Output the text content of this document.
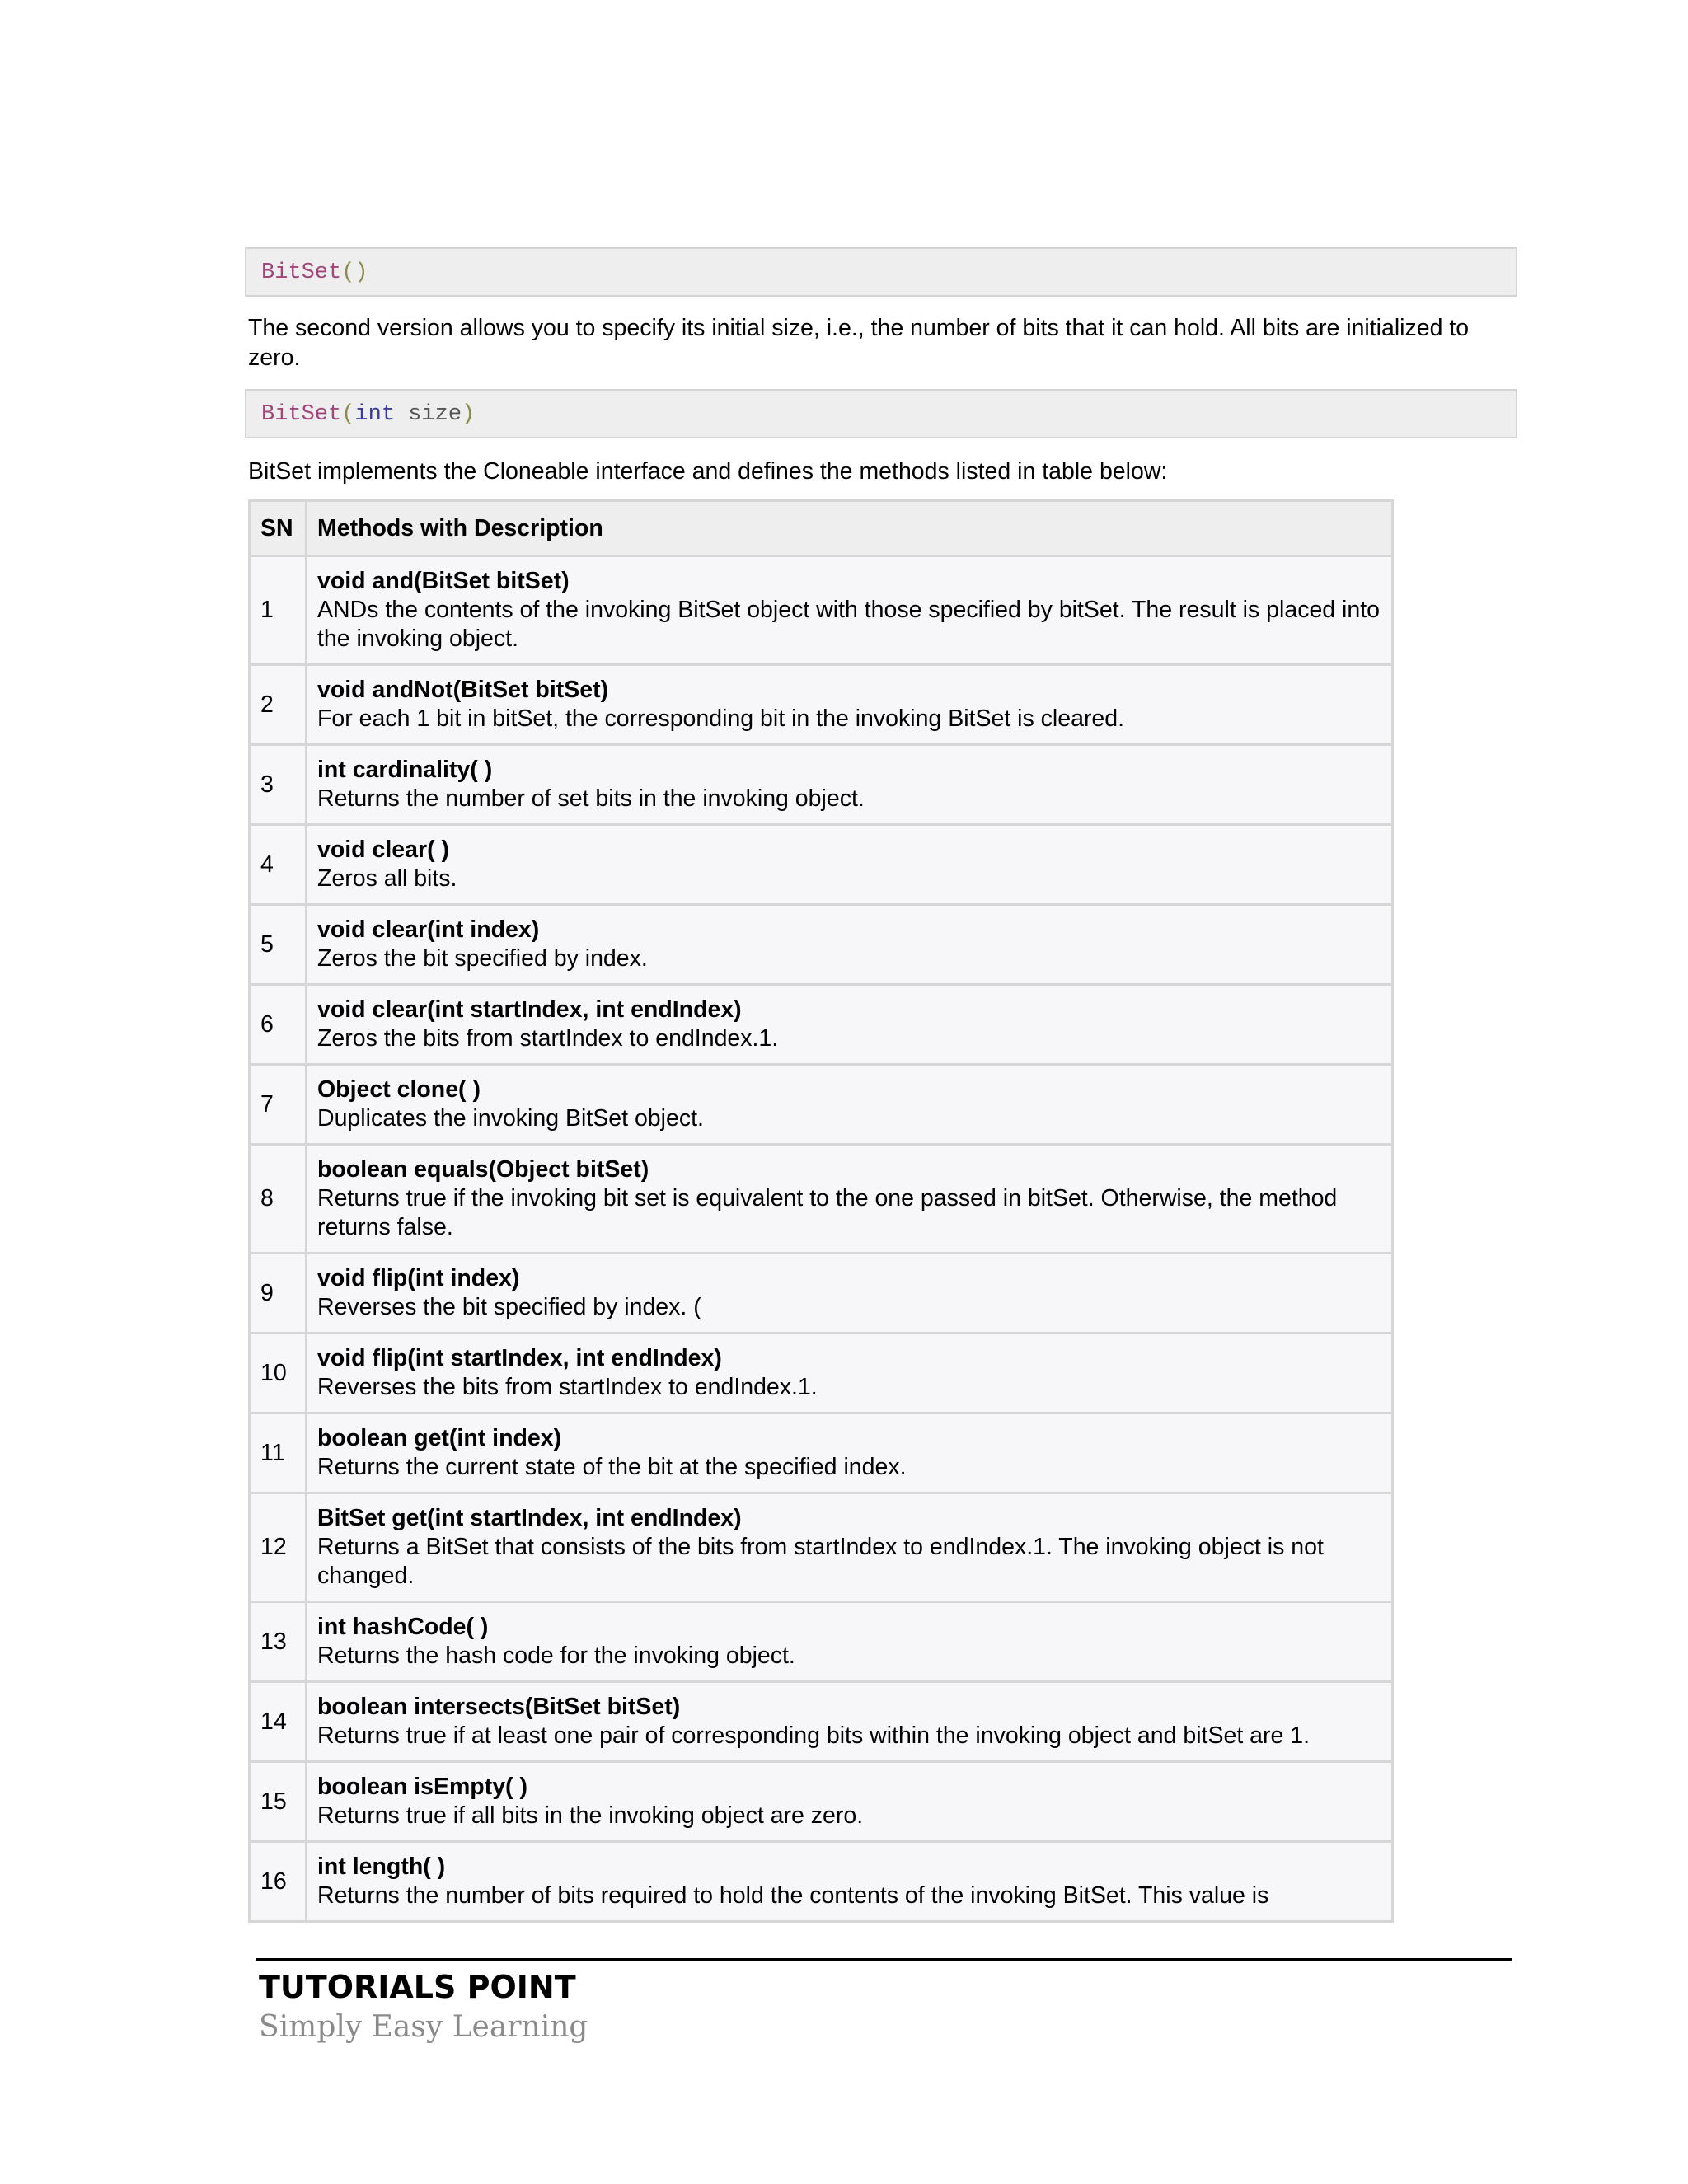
BitSet()

The second version allows you to specify its initial size, i.e., the number of bits that it can hold. All bits are initialized to zero.

BitSet(int size)

BitSet implements the Cloneable interface and defines the methods listed in table below:

SN	Methods with Description
1	void and(BitSet bitSet)
ANDs the contents of the invoking BitSet object with those specified by bitSet. The result is placed into the invoking object.

2	void andNot(BitSet bitSet)
For each 1 bit in bitSet, the corresponding bit in the invoking BitSet is cleared.

3	int cardinality( )
Returns the number of set bits in the invoking object.

4	void clear( )
Zeros all bits.

5	void clear(int index)
Zeros the bit specified by index.

6	void clear(int startIndex, int endIndex)
Zeros the bits from startIndex to endIndex.1.

7	Object clone( )
Duplicates the invoking BitSet object.

8	boolean equals(Object bitSet)
Returns true if the invoking bit set is equivalent to the one passed in bitSet. Otherwise, the method returns false.

9	void flip(int index)
Reverses the bit specified by index. (

10	void flip(int startIndex, int endIndex)
Reverses the bits from startIndex to endIndex.1.

11	boolean get(int index)
Returns the current state of the bit at the specified index.

12	BitSet get(int startIndex, int endIndex)
Returns a BitSet that consists of the bits from startIndex to endIndex.1. The invoking object is not changed.

13	int hashCode( )
Returns the hash code for the invoking object.

14	boolean intersects(BitSet bitSet)
Returns true if at least one pair of corresponding bits within the invoking object and bitSet are 1.

15	boolean isEmpty( )
Returns true if all bits in the invoking object are zero.

16	int length( )
Returns the number of bits required to hold the contents of the invoking BitSet. This value is
TUTORIALS POINT
Simply Easy Learning
